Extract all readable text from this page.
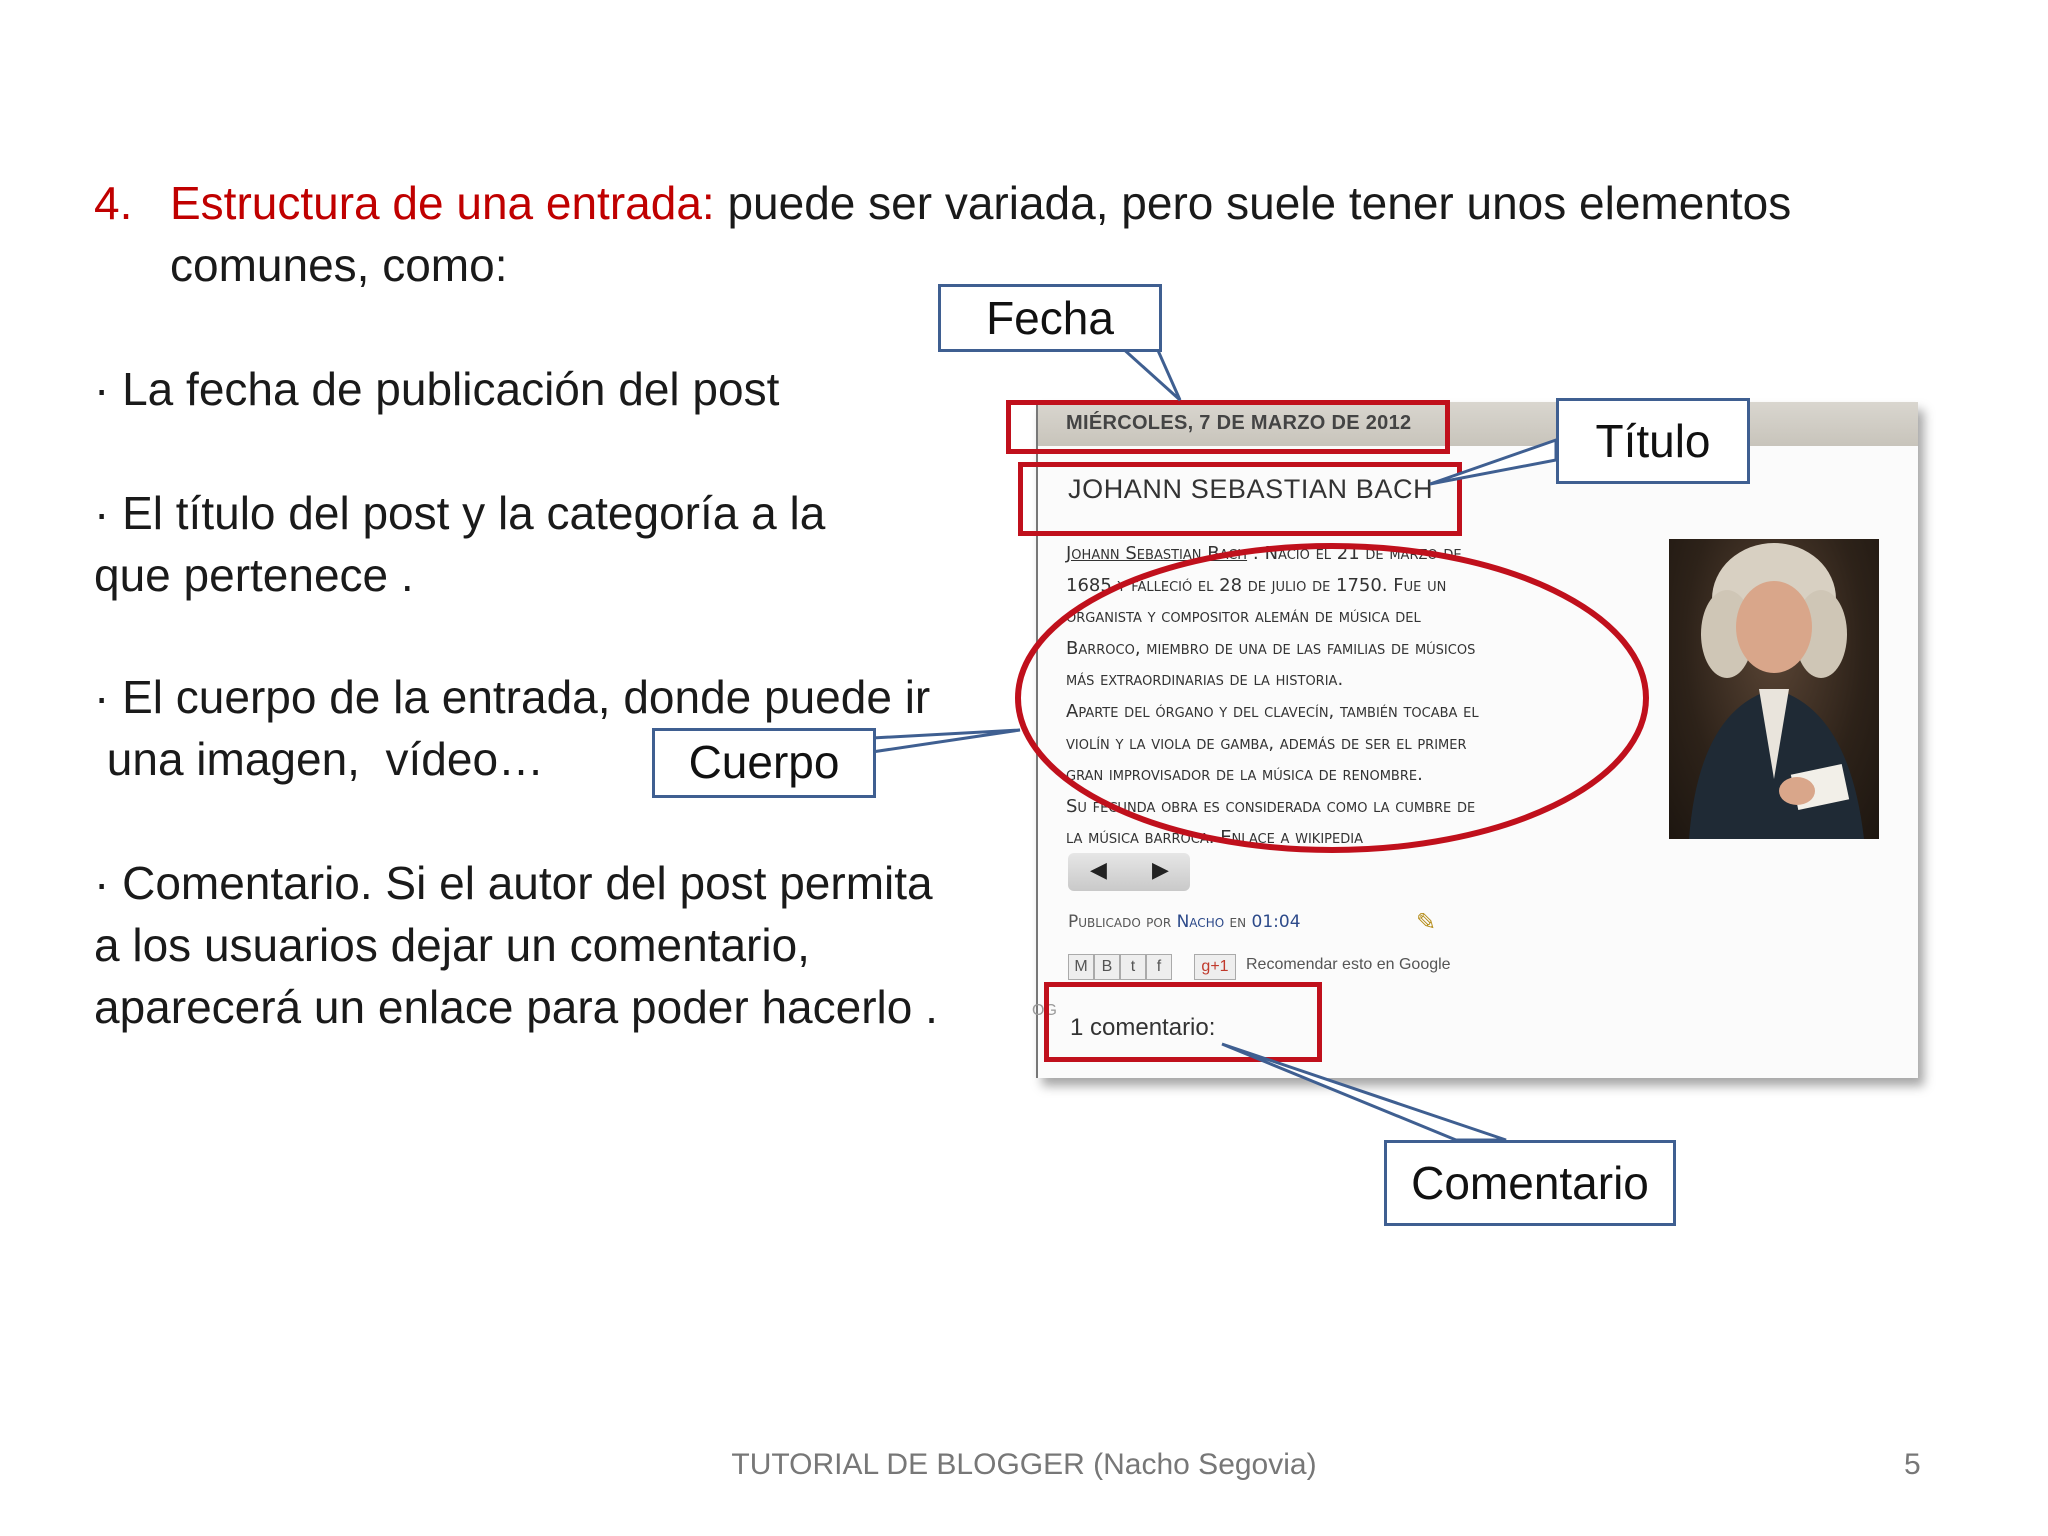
4. Estructura de una entrada: puede ser variada, pero suele tener unos elementos
comunes, como:
· La fecha de publicación del post
· El título del post y la categoría a la
que pertenece .
· El cuerpo de la entrada, donde puede ir
una imagen,  vídeo…
· Comentario. Si el autor del post permita
a los usuarios dejar un comentario,
aparecerá un enlace para poder hacerlo .
MIÉRCOLES, 7 DE MARZO DE 2012
JOHANN SEBASTIAN BACH
Johann Sebastian Bach : Nació el 21 de marzo de
1685 y falleció el 28 de julio de 1750. Fue un
organista y compositor alemán de música del
Barroco, miembro de una de las familias de músicos
más extraordinarias de la historia.
Aparte del órgano y del clavecín, también tocaba el
violín y la viola de gamba, además de ser el primer
gran improvisador de la música de renombre.
Su fecunda obra es considerada como la cumbre de
la música barroca. Enlace a wikipedia
◀ ▶
Publicado por Nacho en 01:04	✎
M B	t	f	g+1	Recomendar esto en Google
OG
1 comentario:
Fecha
Título
Cuerpo
Comentario
TUTORIAL DE BLOGGER (Nacho Segovia)	5
